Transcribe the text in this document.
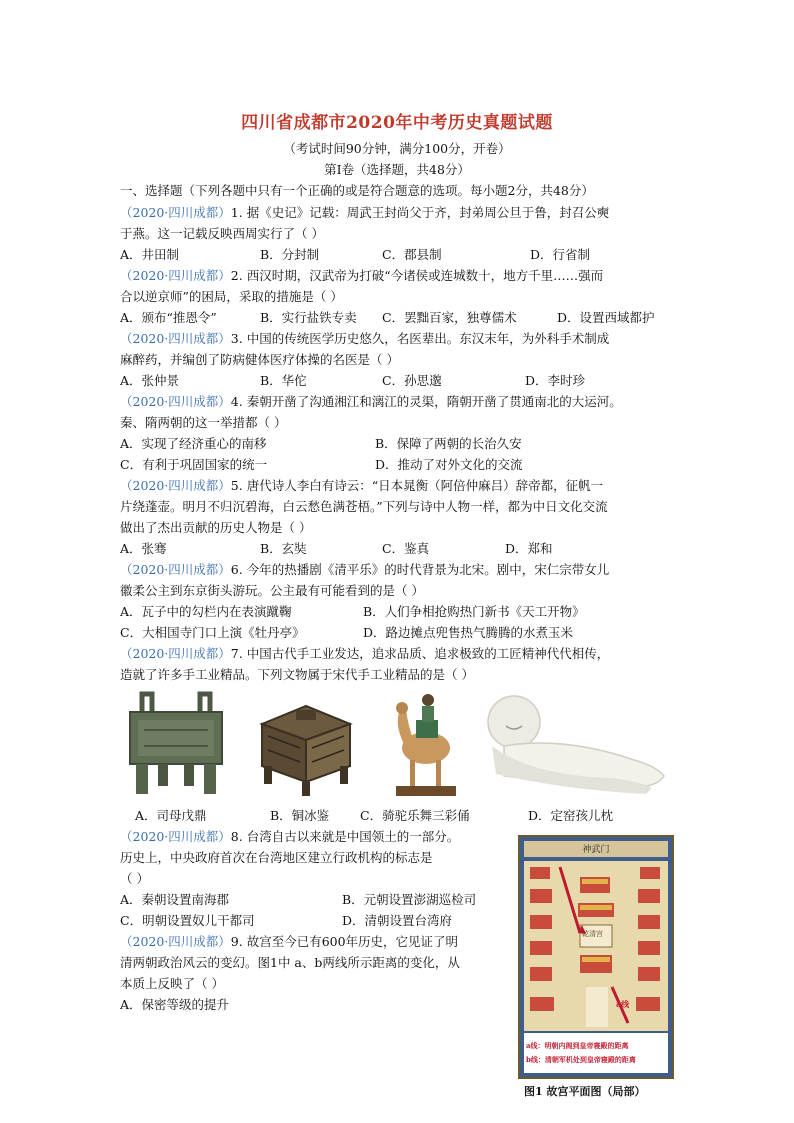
四川省成都市2020年中考历史真题试题
（考试时间90分钟，满分100分，开卷）
第Ⅰ卷（选择题，共48分）
一、选择题（下列各题中只有一个正确的或是符合题意的选项。每小题2分，共48分）
（2020·四川成都）1. 据《史记》记载：周武王封尚父于齐，封弟周公旦于鲁，封召公奭
于燕。这一记载反映西周实行了（ ）
A．井田制	B．分封制	C．郡县制	D．行省制
（2020·四川成都）2. 西汉时期，汉武帝为打破“今诸侯或连城数十，地方千里……强而
合以逆京师”的困局，采取的措施是（ ）
A．颁布“推恩令”	B．实行盐铁专卖 C．罢黜百家，独尊儒术	D．设置西域都护
（2020·四川成都）3. 中国的传统医学历史悠久，名医辈出。东汉末年，为外科手术制成
麻醉药，并编创了防病健体医疗体操的名医是（ ）
A．张仲景	B．华佗	C．孙思邈	D．李时珍
（2020·四川成都）4. 秦朝开凿了沟通湘江和漓江的灵渠，隋朝开凿了贯通南北的大运河。
秦、隋两朝的这一举措都（ ）
A．实现了经济重心的南移	B．保障了两朝的长治久安
C．有利于巩固国家的统一	D．推动了对外文化的交流
（2020·四川成都）5. 唐代诗人李白有诗云：“日本晁衡（阿倍仲麻吕）辞帝都，征帆一
片绕蓬壶。明月不归沉碧海，白云愁色满苍梧。”下列与诗中人物一样，都为中日文化交流
做出了杰出贡献的历史人物是（ ）
A．张骞	B．玄奘	C．鉴真	D．郑和
（2020·四川成都）6. 今年的热播剧《清平乐》的时代背景为北宋。剧中，宋仁宗带女儿
徽柔公主到东京街头游玩。公主最有可能看到的是（ ）
A．瓦子中的勾栏内在表演蹴鞠	B．人们争相抢购热门新书《天工开物》
C．大相国寺门口上演《牡丹亭》	D．路边摊点兜售热气腾腾的水煮玉米
（2020·四川成都）7. 中国古代手工业发达，追求品质、追求极致的工匠精神代代相传，
造就了许多手工业精品。下列文物属于宋代手工业精品的是（ ）
A．司母戊鼎	B．铜冰鉴 C．骑驼乐舞三彩俑	D．定窑孩儿枕
（2020·四川成都）8. 台湾自古以来就是中国领土的一部分。
历史上，中央政府首次在台湾地区建立行政机构的标志是
（ ）
A．秦朝设置南海郡	B．元朝设置澎湖巡检司
C．明朝设置奴儿干都司	D．清朝设置台湾府
（2020·四川成都）9. 故宫至今已有600年历史，它见证了明
清两朝政治风云的变幻。图1中 a、b两线所示距离的变化，从
本质上反映了（ ）
A．保密等级的提升
神武门
乾清宫
a线
a线：明朝内阁到皇帝寝殿的距离
b线：清朝军机处到皇帝寝殿的距离
图1 故宫平面图（局部）
